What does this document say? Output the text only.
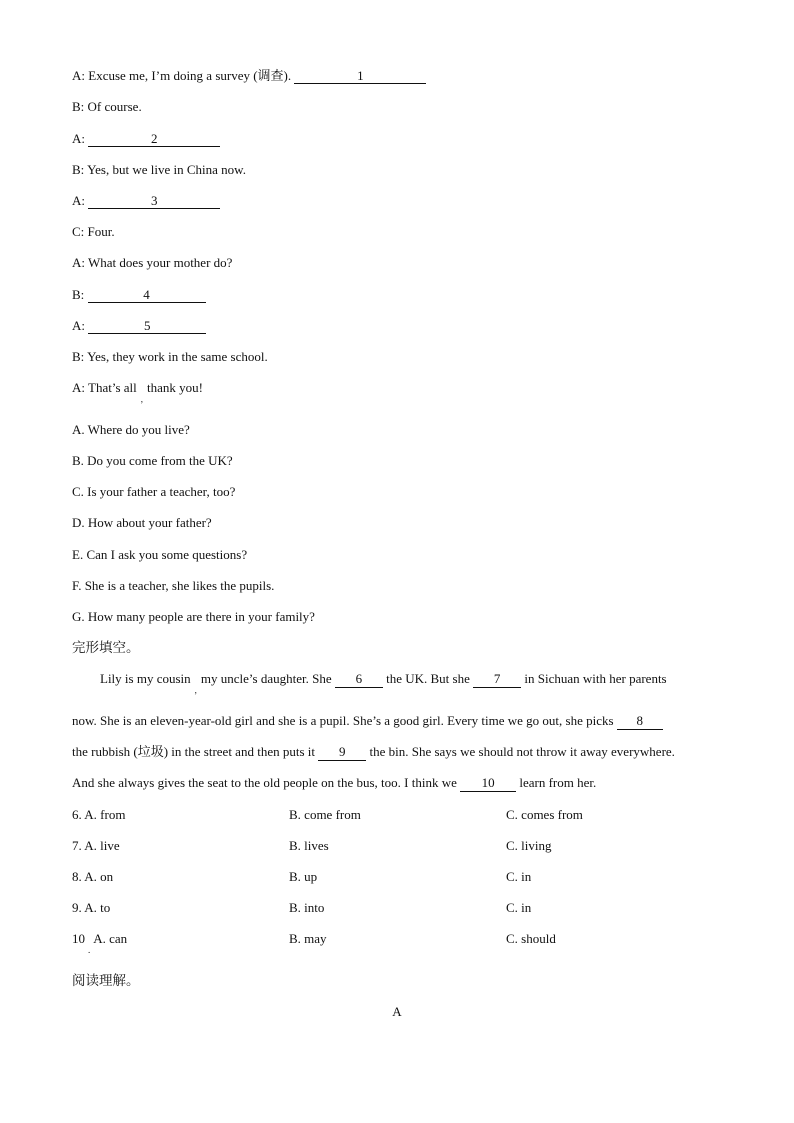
A: Excuse me, I’m doing a survey (调查).	1
B: Of course.
A:	2
B: Yes, but we live in China now.
A:	3
C: Four.
A: What does your mother do?
B:	4
A:	5
B: Yes, they work in the same school.
A: That’s all$_,$thank you!
A. Where do you live?
B. Do you come from the UK?
C. Is your father a teacher, too?
D. How about your father?
E. Can I ask you some questions?
F. She is a teacher, she likes the pupils.
G. How many people are there in your family?
完形填空。
Lily is my cousin$_,$my uncle’s daughter. She 6 the UK. But she 7 in Sichuan with her parents
now. She is an eleven-year-old girl and she is a pupil. She’s a good girl. Every time we go out, she picks 8
the rubbish (垃圾) in the street and then puts it 9 the bin. She says we should not throw it away everywhere.
And she always gives the seat to the old people on the bus, too. I think we 10 learn from her.
6. A. from	B. come from	C. comes from
7. A. live	B. lives	C. living
8. A. on	B. up	C. in
9. A. to	B. into	C. in
$10_.A$. can	B. may	C. should
阅读理解。
A
